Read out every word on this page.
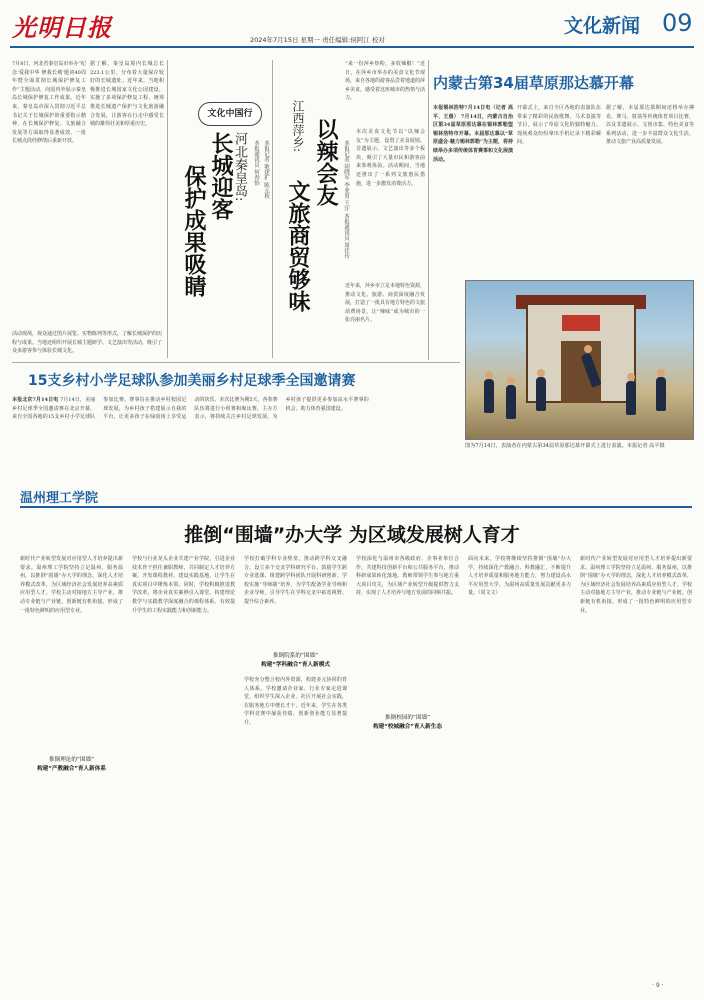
光明日报	2024年7月15日 星期一 责任编辑:侯阿江 校对
文化新闻 09
7月8日，河北省秦皇岛市举办“纪念‘爱我中华 修我长城’题词40周年暨全面贯彻长城保护修复工作”主题活动，向国内外展示秦皇岛长城保护修复工作成果。近年来，秦皇岛市深入贯彻习近平总书记关于长城保护的重要指示精神，在长城保护修复、文旅融合发展等方面取得显著成效，一批长城点段经修缮后重新开放。
据了解，秦皇岛境内长城总长223.1公里，分布着大量保存较好的长城遗址。近年来，当地积极推进长城国家文化公园建设，实施了多项保护修复工程，统筹推进长城遗产保护与文化旅游融合发展，让游客在行走中感受长城的雄伟壮美和厚重历史。
文化中国行
河北秦皇岛:
长城迎客
保护成果吸睛	本报记者 耿建扩 陈元秋
本报通讯员 何春怡
活动现场，观众通过图片展览、实物陈列等形式，了解长城保护的历程与成果。当地还组织开展长城主题研学、文艺演出等活动，吸引了众多游客参与体验长城文化。
江西萍乡: 以辣会友
文旅商贸够味	本报记者 胡晓军 李亚男 王汗 本报通讯员 周佳玲
“来一份萍乡炒粉，多放辣椒！”近日，在萍乡市举办的美食文化节现场，来自各地的游客品尝着地道的萍乡美食，感受着这座城市的热情与活力。
本次美食文化节以“以辣会友”为主题，设置了美食展销、非遗展示、文艺演出等多个板块，吸引了大量市民和游客前来参观体验。活动期间，当地还推出了一系列文旅惠民措施，进一步激发消费活力。
近年来，萍乡市立足本地特色资源，推动文化、旅游、商贸深度融合发展，打造了一批具有地方特色的文旅消费场景，让“辣味”成为城市的一张亮丽名片。
内蒙古第34届草原那达慕开幕
本报锡林浩特7月14日电（记者 高平、王晨） 7月14日，内蒙古自治区第34届草原那达慕在锡林郭勒盟锡林浩特市开幕。本届那达慕以“草原盛会·魅力锡林郭勒”为主题，将持续举办多项传统体育赛事和文化展演活动。
开幕式上，来自全区各地的表演队伍带来了精彩的民族歌舞、马术表演等节目，展示了草原文化的独特魅力。现场观众纷纷拿出手机记录下精彩瞬间。
据了解，本届那达慕期间还将举办搏克、赛马、射箭等传统体育项目比赛，以及非遗展示、文创市集、特色美食等系列活动，进一步丰富群众文化生活，推动文旅产业高质量发展。
图为7月14日，表演者在内蒙古第34届草原那达慕开幕式上进行表演。本报记者 高平摄
15支乡村小学足球队参加美丽乡村足球季全国邀请赛
本报北京7月14日电 7月14日，美丽乡村足球季全国邀请赛在北京开幕，来自全国各地的15支乡村小学足球队参加比赛。赛事旨在推动乡村校园足球发展，为乡村孩子搭建展示自我的平台，让更多孩子在绿茵场上享受运动的快乐。本次比赛为期5天，各参赛队伍将进行小组赛和淘汰赛。主办方表示，将持续关注乡村足球发展，为乡村孩子提供更多参加高水平赛事的机会，助力体育强国建设。
温州理工学院
推倒“围墙”办大学 为区域发展树人育才
新时代产业转型发展对应用型人才培养提出新要求。温州理工学院坚持立足温州、服务温州，以推倒“围墙”办大学的理念，深化人才培养模式改革，为区域经济社会发展培养高素质应用型人才。学校主动对接地方主导产业，推动专业链与产业链、创新链有机衔接，形成了一批特色鲜明的应用型专业。
推倒理论的“围墙”
构建“产教融合”育人新体系
学校与行业龙头企业共建产业学院，引进企业技术骨干担任兼职教师，共同制定人才培养方案、开发课程教材、建设实践基地，让学生在真实项目中锤炼本领。同时，学校积极推进教学改革，将企业真实案例引入课堂，构建理论教学与实践教学深度融合的课程体系，有效提升学生的工程实践能力和创新能力。
推倒院系的“围墙”
构建“学科融合”育人新模式
学校打破学科专业壁垒，推动跨学科交叉融合，设立多个交叉学科研究平台，鼓励学生跨专业选课、组建跨学科团队开展科研创新。学校实施“导师制”培养，为学生配备学业导师和企业导师，引导学生在学科交叉中拓宽视野、提升综合素养。
学校充分整合校内外资源，构建多元协同的育人体系。学校邀请企业家、行业专家走进课堂，组织学生深入企业、社区开展社会实践，在服务地方中增长才干。近年来，学生在各类学科竞赛中屡获佳绩，创新创业能力显著提升。
推倒校园的“围墙”
构建“校城融合”育人新生态
学校深化与温州市各级政府、企事业单位合作，共建科技创新平台和公共服务平台，推动科研成果转化落地。教师带领学生参与地方重大项目攻关，为区域产业转型升级提供智力支持，实现了人才培养与地方发展的同频共振。
面向未来，学校将继续坚持推倒“围墙”办大学，持续深化产教融合、科教融汇，不断提升人才培养质量和服务地方能力，努力建设高水平应用型大学，为温州高质量发展贡献更多力量。（周文文）
新时代产业转型发展对应用型人才培养提出新要求。温州理工学院坚持立足温州、服务温州，以推倒“围墙”办大学的理念，深化人才培养模式改革，为区域经济社会发展培养高素质应用型人才。学校主动对接地方主导产业，推动专业链与产业链、创新链有机衔接，形成了一批特色鲜明的应用型专业。
· 9 ·
